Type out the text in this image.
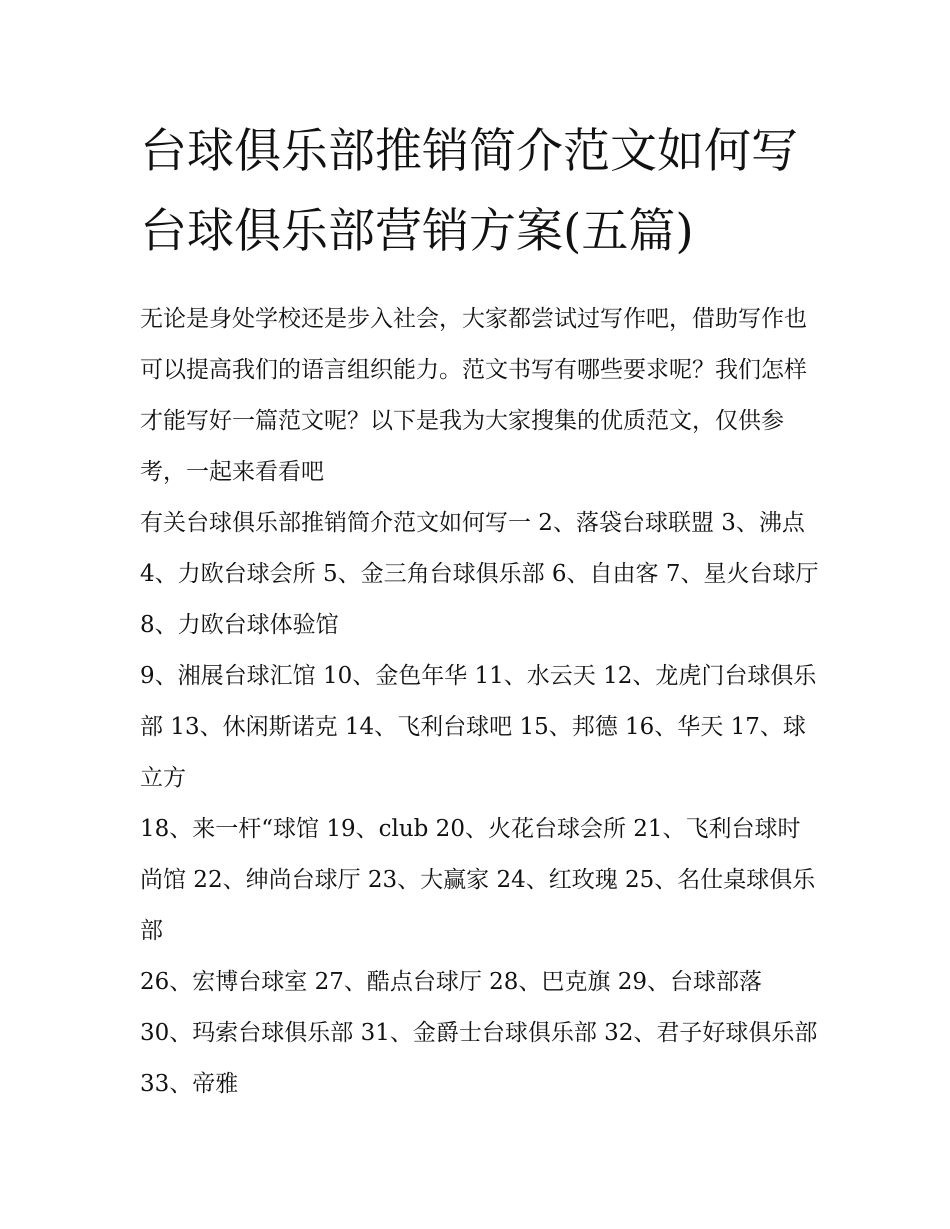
台球俱乐部推销简介范文如何写 台球俱乐部营销方案(五篇)

无论是身处学校还是步入社会，大家都尝试过写作吧，借助写作也可以提高我们的语言组织能力。范文书写有哪些要求呢？我们怎样才能写好一篇范文呢？以下是我为大家搜集的优质范文，仅供参考，一起来看看吧

有关台球俱乐部推销简介范文如何写一 2、落袋台球联盟 3、沸点 4、力欧台球会所 5、金三角台球俱乐部 6、自由客 7、星火台球厅 8、力欧台球体验馆

9、湘展台球汇馆 10、金色年华 11、水云天 12、龙虎门台球俱乐部 13、休闲斯诺克 14、飞利台球吧 15、邦德 16、华天 17、球立方

18、来一杆“球馆 19、club 20、火花台球会所 21、飞利台球时尚馆 22、绅尚台球厅 23、大赢家 24、红玫瑰 25、名仕桌球俱乐部

26、宏博台球室 27、酷点台球厅 28、巴克旗 29、台球部落 30、玛索台球俱乐部 31、金爵士台球俱乐部 32、君子好球俱乐部 33、帝雅
